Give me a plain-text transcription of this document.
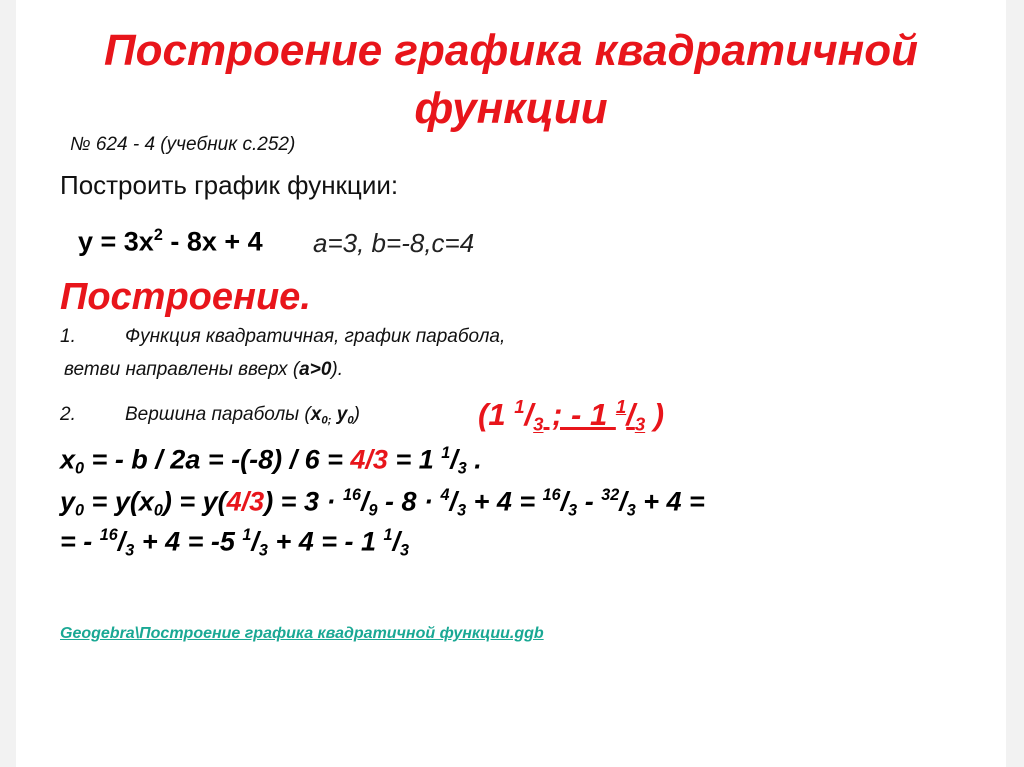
Построение графика квадратичной функции
№ 624 - 4 (учебник с.252)
Построить график функции:
$y = 3x^2 - 8x + 4$ a=3, b=-8,c=4
Построение.
1.	Функция квадратичная, график парабола,
ветви направлены вверх (a>0).
2.	Вершина параболы ($x_{0;}$ $y_0$)	(1 $^1/_3$ ; - 1 $^1/_3$ )
$x_0$ = - b / 2a = -(-8) / 6 = 4/3 = 1 $^1/_3$ .
$y_0 = y(x_0) = y(4/3) = 3 \cdot ^{16}/_9 - 8 \cdot ^4/_3 + 4 = ^{16}/_3 - ^{32}/_3 + 4$ =
= - $^{16}/_3 + 4 = -5$ $^1/_3 + 4$ = - 1 $^1/_3$
Geogebra\Построение графика квадратичной функции.ggb
